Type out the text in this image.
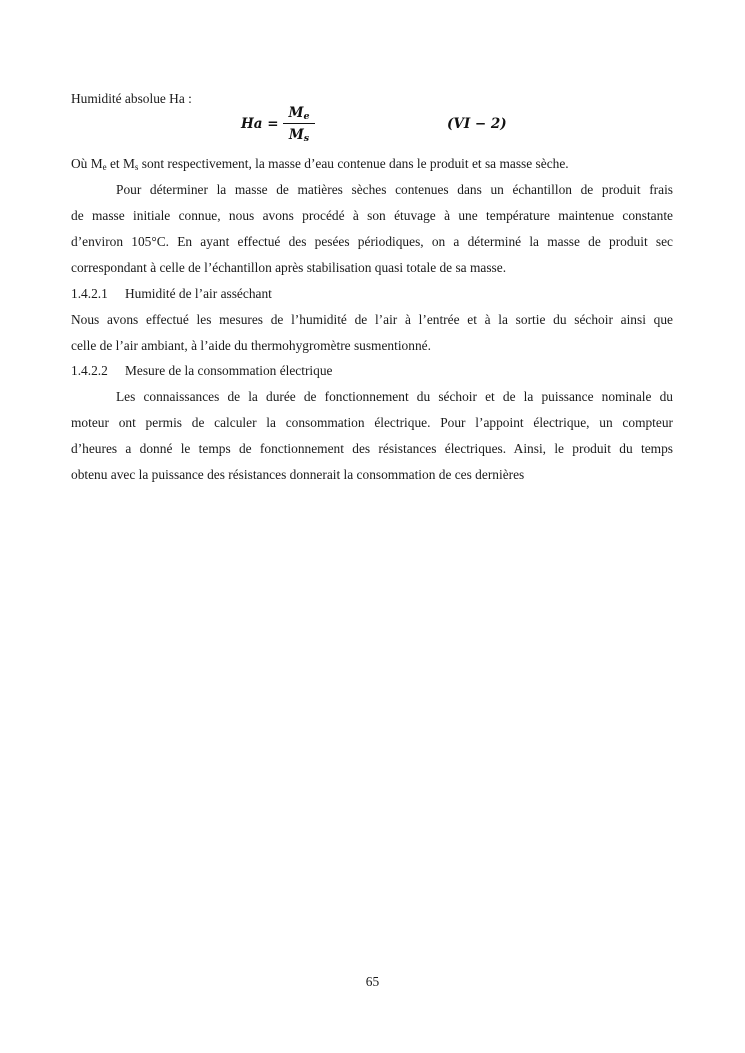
Humidité absolue Ha :
Ha =
$M_e$
$M_s$
(VI − 2)
Où Me et Ms sont respectivement, la masse d’eau contenue dans le produit et sa masse sèche.
Pour déterminer la masse de matières sèches contenues dans un échantillon de produit frais
de masse initiale connue, nous avons procédé à son étuvage à une température maintenue constante
d’environ 105°C. En ayant effectué des pesées périodiques, on a déterminé la masse de produit sec
correspondant à celle de l’échantillon après stabilisation quasi totale de sa masse.
1.4.2.1 Humidité de l’air asséchant
Nous avons effectué les mesures de l’humidité de l’air à l’entrée et à la sortie du séchoir ainsi que
celle de l’air ambiant, à l’aide du thermohygromètre susmentionné.
1.4.2.2 Mesure de la consommation électrique
Les connaissances de la durée de fonctionnement du séchoir et de la puissance nominale du
moteur ont permis de calculer la consommation électrique. Pour l’appoint électrique, un compteur
d’heures a donné le temps de fonctionnement des résistances électriques. Ainsi, le produit du temps
obtenu avec la puissance des résistances donnerait la consommation de ces dernières
65
